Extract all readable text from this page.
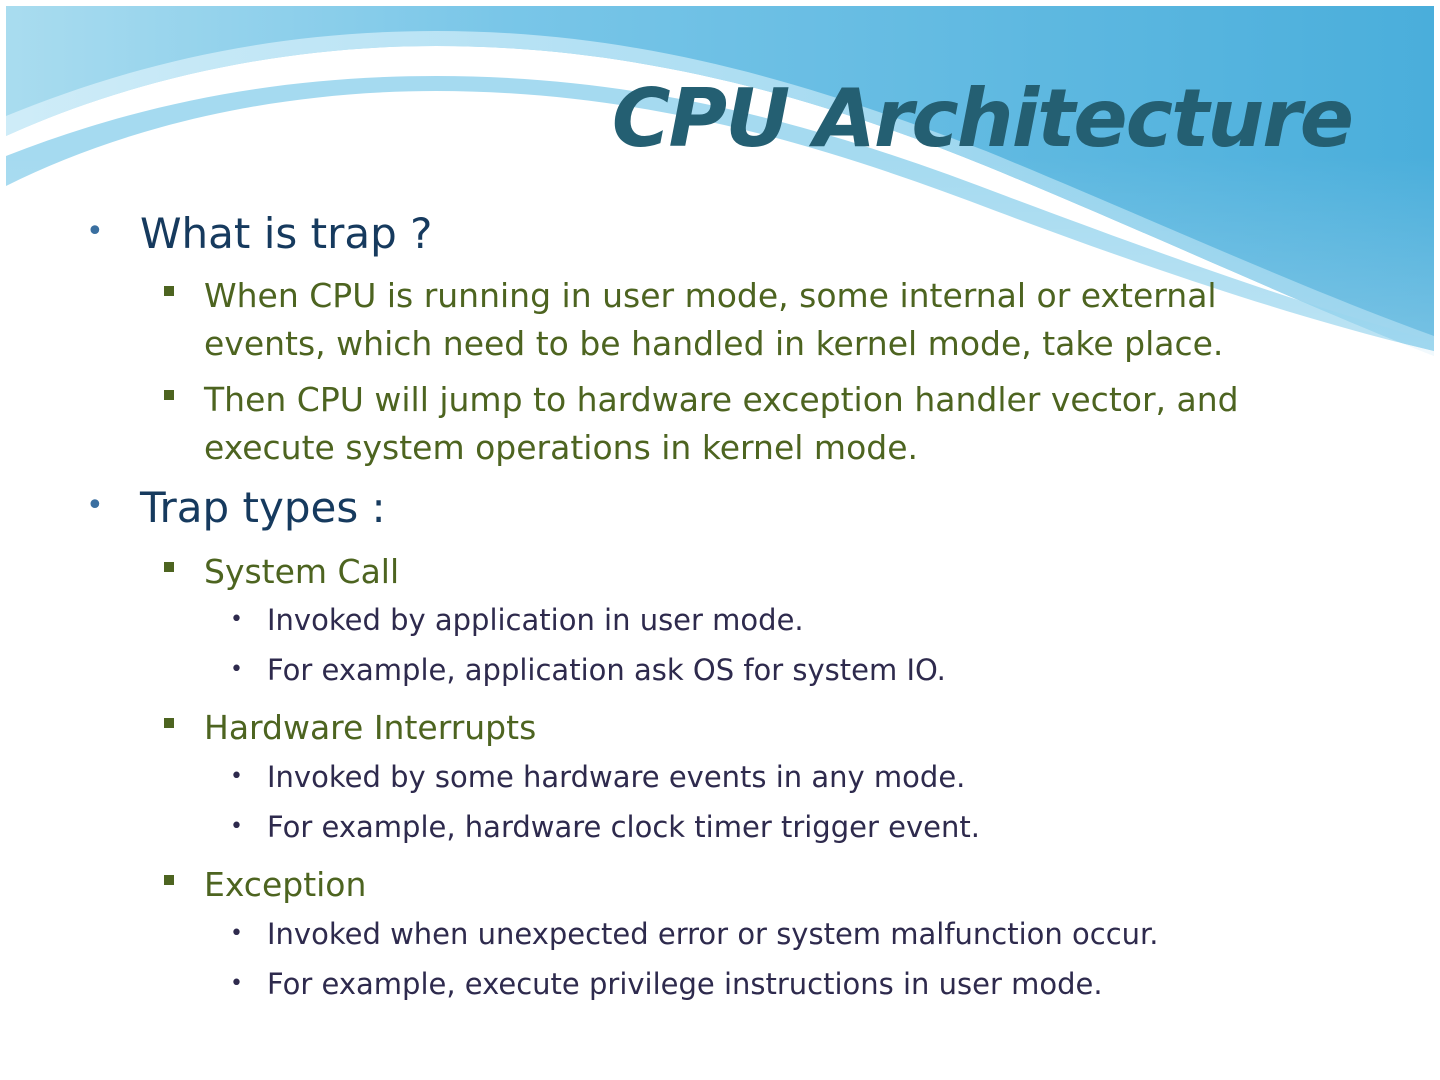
CPU Architecture
• What is trap ?
When CPU is running in user mode, some internal or external
events, which need to be handled in kernel mode, take place.
Then CPU will jump to hardware exception handler vector, and
execute system operations in kernel mode.
• Trap types :
System Call
• Invoked by application in user mode.
• For example, application ask OS for system IO.
Hardware Interrupts
• Invoked by some hardware events in any mode.
• For example, hardware clock timer trigger event.
Exception
• Invoked when unexpected error or system malfunction occur.
• For example, execute privilege instructions in user mode.
